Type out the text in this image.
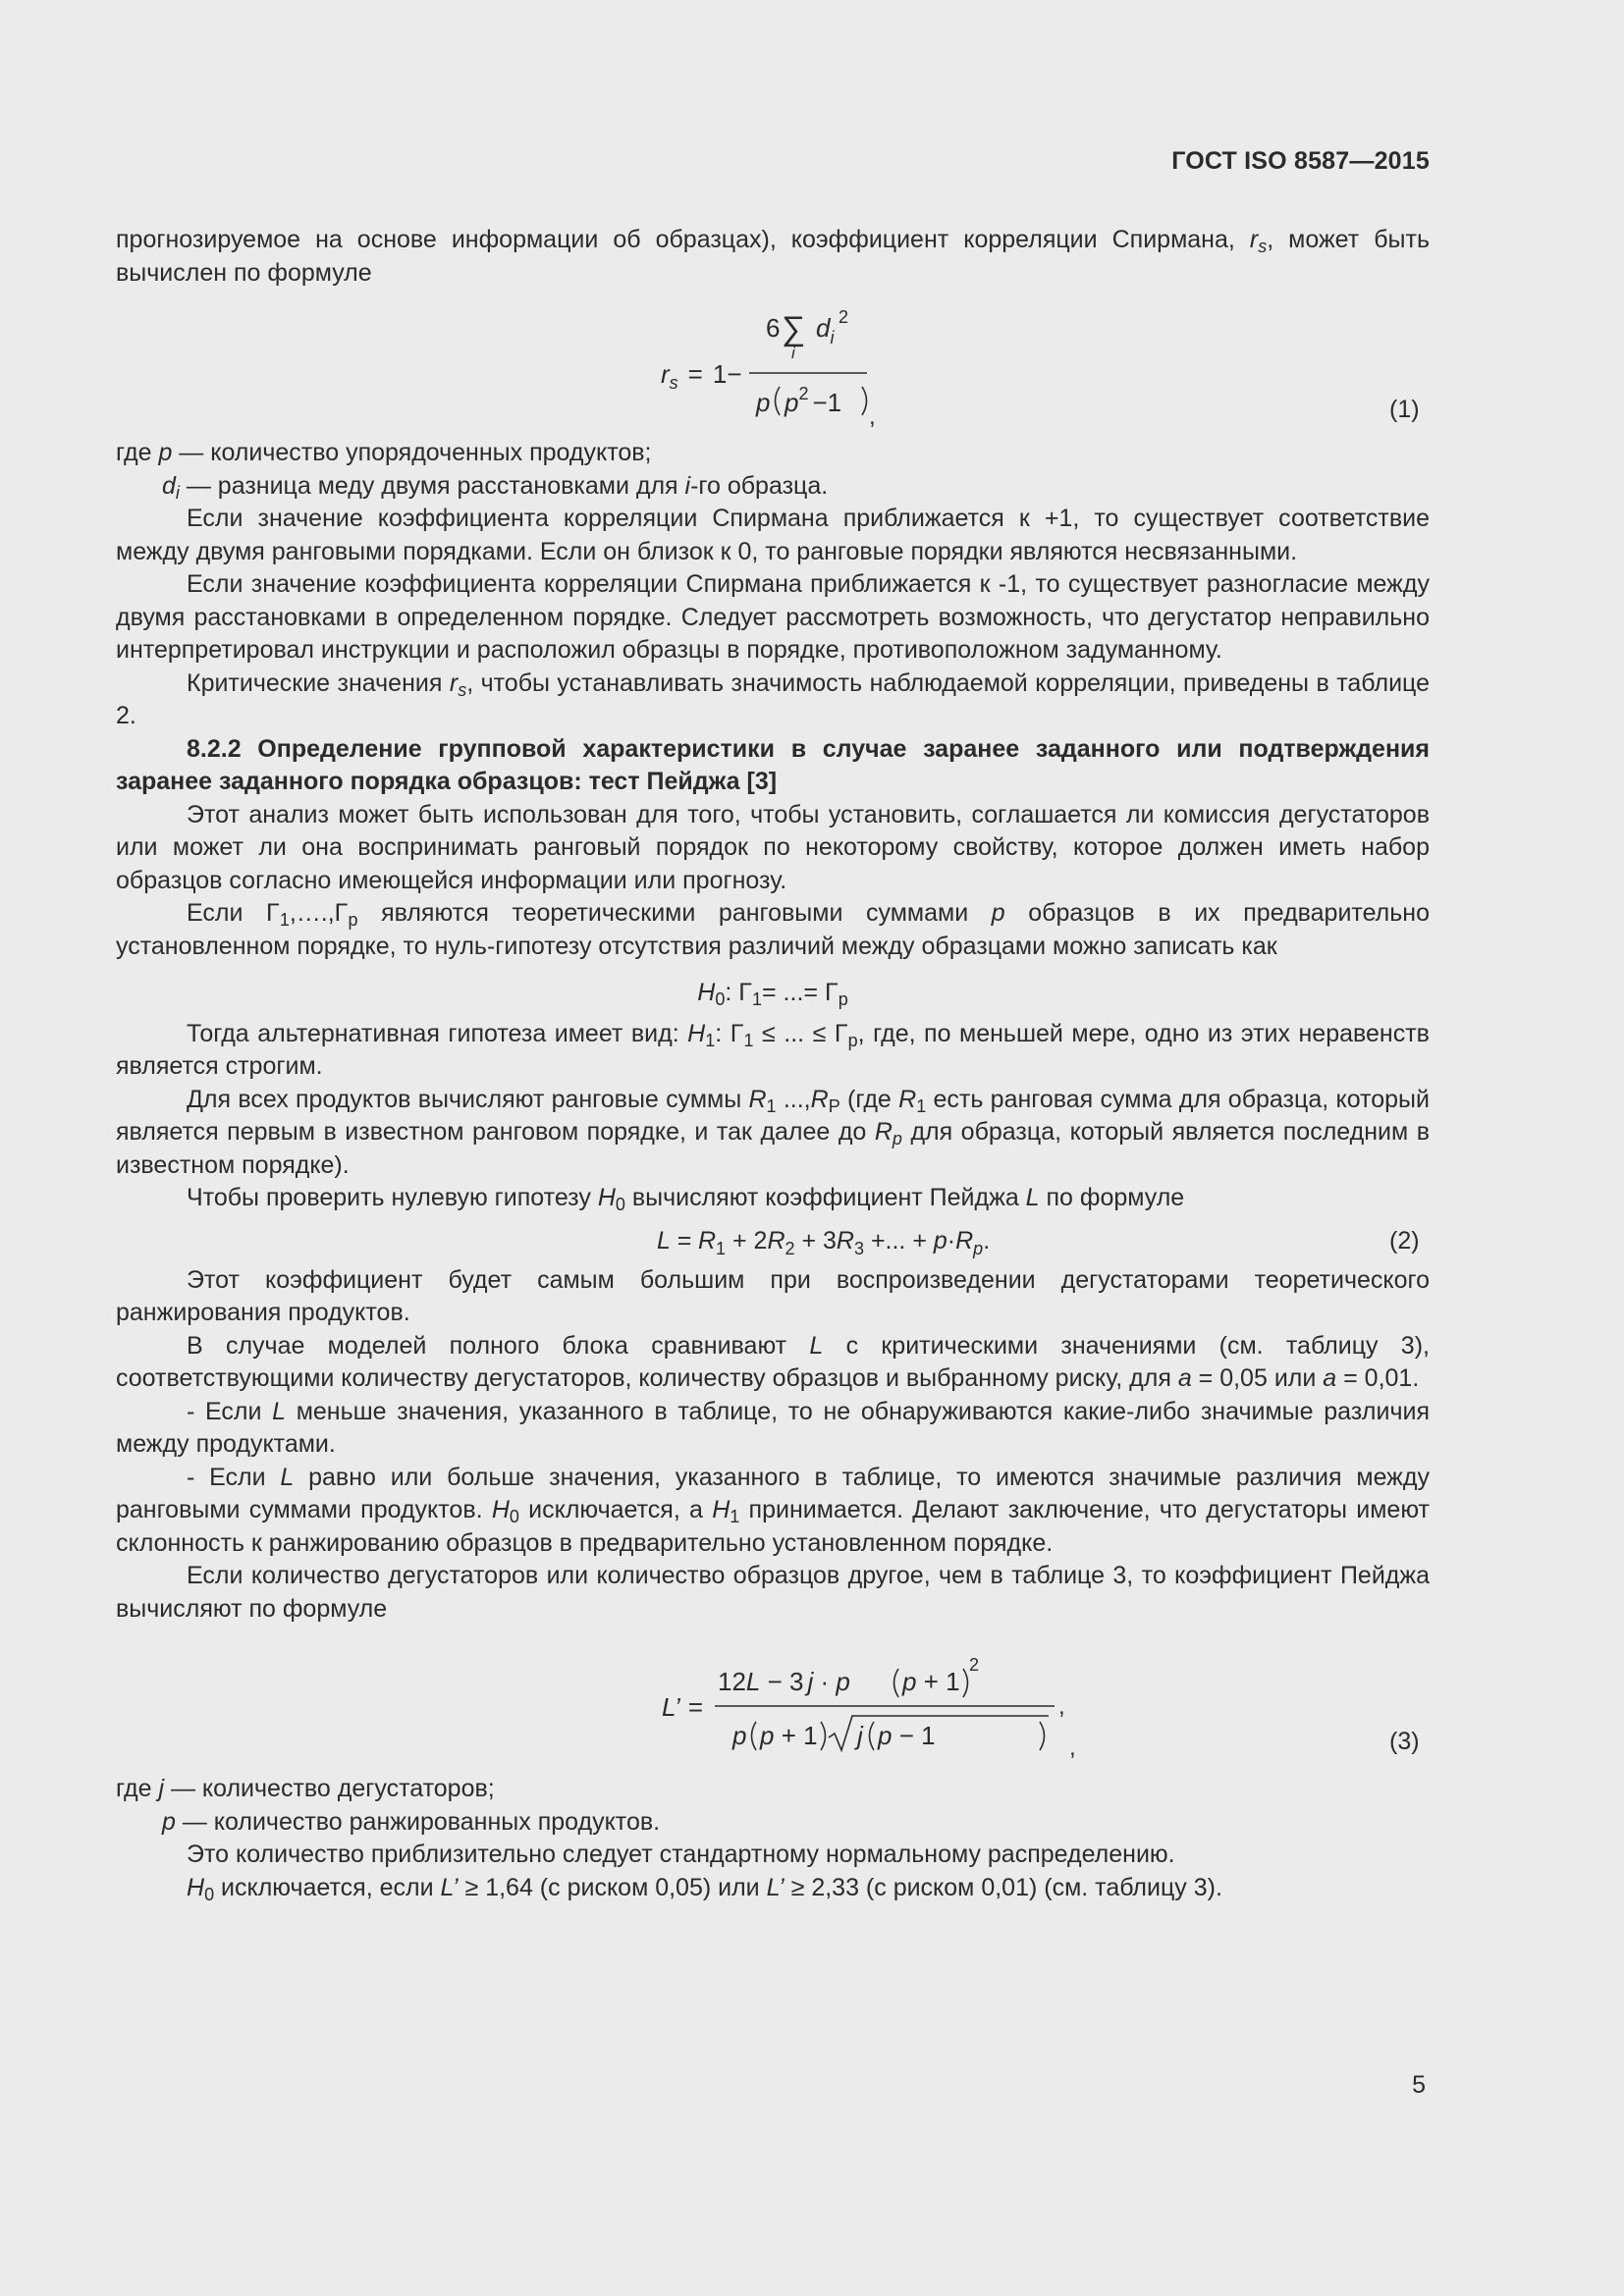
ГОСТ ISO 8587—2015

прогнозируемое на основе информации об образцах), коэффициент корреляции Спирмана, $r_s$, может быть вычислен по формуле

$r_s = 1-$
6 ∑
i
$d_i$
2
p $p^2 -1$ ,	(1)

где p — количество упорядоченных продуктов;

$d_i$ — разница меду двумя расстановками для i-го образца.

Если значение коэффициента корреляции Спирмана приближается к +1, то существует соответствие между двумя ранговыми порядками. Если он близок к 0, то ранговые порядки являются несвязанными.

Если значение коэффициента корреляции Спирмана приближается к -1, то существует разногласие между двумя расстановками в определенном порядке. Следует рассмотреть возможность, что дегустатор неправильно интерпретировал инструкции и расположил образцы в порядке, противоположном задуманному.

Критические значения $r_s$, чтобы устанавливать значимость наблюдаемой корреляции, приведены в таблице 2.

8.2.2 Определение групповой характеристики в случае заранее заданного или подтверждения заранее заданного порядка образцов: тест Пейджа [3]

Этот анализ может быть использован для того, чтобы установить, соглашается ли комиссия дегустаторов или может ли она воспринимать ранговый порядок по некоторому свойству, которое должен иметь набор образцов согласно имеющейся информации или прогнозу.

Если $\Gamma_1,\dots.,\Gamma_p$ являются теоретическими ранговыми суммами p образцов в их предварительно установленном порядке, то нуль-гипотезу отсутствия различий между образцами можно записать как

$H_0$: $\Gamma_1=$ ...= $\Gamma_p$

Тогда альтернативная гипотеза имеет вид: $H_1$: $\Gamma_1$ ≤ ... ≤ $\Gamma_p$, где, по меньшей мере, одно из этих неравенств является строгим.

Для всех продуктов вычисляют ранговые суммы $R_1$ $...,R_P$ (где $R_1$ есть ранговая сумма для образца, который является первым в известном ранговом порядке, и так далее до $R_p$ для образца, который является последним в известном порядке).

Чтобы проверить нулевую гипотезу $H_0$ вычисляют коэффициент Пейджа L по формуле

$L = R_1 + 2R_2 + 3R_3$ +... + $p\cdot R_p$.	(2)

Этот коэффициент будет самым большим при воспроизведении дегустаторами теоретического ранжирования продуктов.

В случае моделей полного блока сравнивают L с критическими значениями (см. таблицу 3), соответствующими количеству дегустаторов, количеству образцов и выбранному риску, для a = 0,05 или a = 0,01.

- Если L меньше значения, указанного в таблице, то не обнаруживаются какие-либо значимые различия между продуктами.

- Если L равно или больше значения, указанного в таблице, то имеются значимые различия между ранговыми суммами продуктов. $H_0$ исключается, а $H_1$ принимается. Делают заключение, что дегустаторы имеют склонность к ранжированию образцов в предварительно установленном порядке.

Если количество дегустаторов или количество образцов другое, чем в таблице 3, то коэффициент Пейджа вычисляют по формуле

L’ =
12L − 3 j · p p + 1
2
p p + 1 j p − 1
,
,	(3)

где j — количество дегустаторов;

p — количество ранжированных продуктов.

Это количество приблизительно следует стандартному нормальному распределению.

$H_0$ исключается, если L’ ≥ 1,64 (с риском 0,05) или L’ ≥ 2,33 (с риском 0,01) (см. таблицу 3).

5
